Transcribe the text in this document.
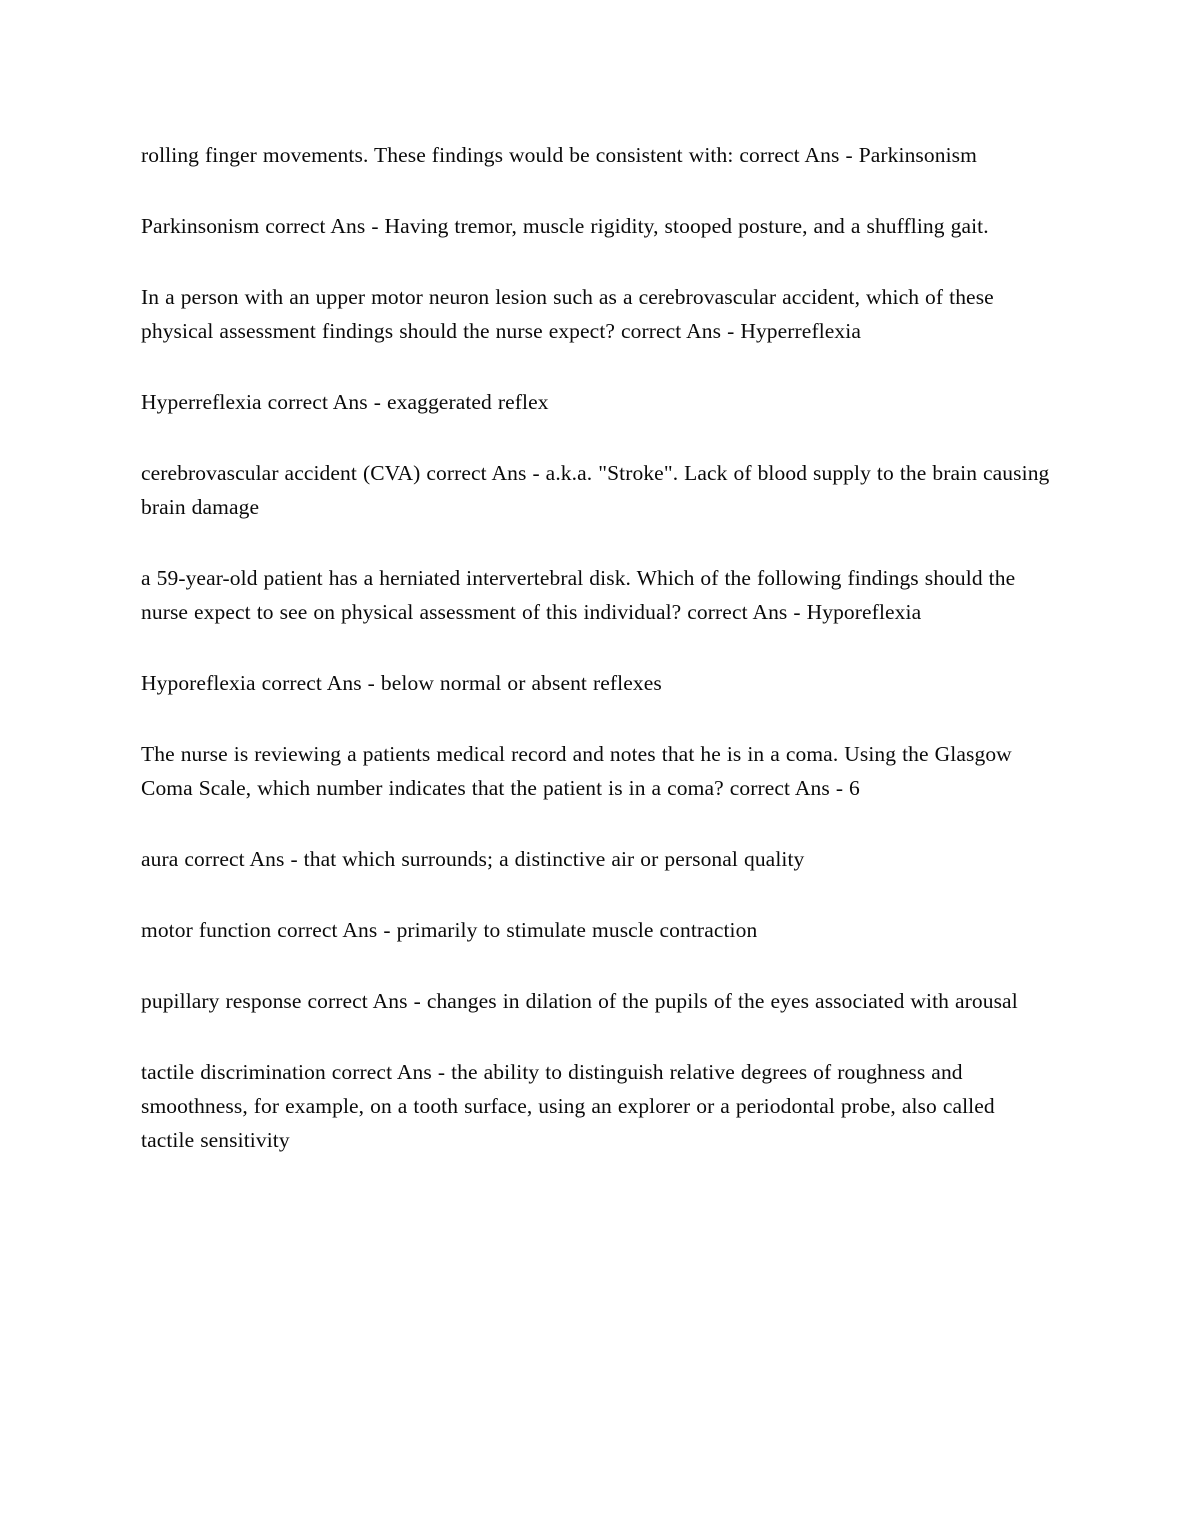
rolling finger movements. These findings would be consistent with: correct Ans - Parkinsonism

Parkinsonism correct Ans - Having tremor, muscle rigidity, stooped posture, and a shuffling gait.

In a person with an upper motor neuron lesion such as a cerebrovascular accident, which of these physical assessment findings should the nurse expect? correct Ans - Hyperreflexia

Hyperreflexia correct Ans - exaggerated reflex

cerebrovascular accident (CVA) correct Ans - a.k.a. "Stroke". Lack of blood supply to the brain causing brain damage

a 59-year-old patient has a herniated intervertebral disk. Which of the following findings should the nurse expect to see on physical assessment of this individual? correct Ans - Hyporeflexia

Hyporeflexia correct Ans - below normal or absent reflexes

The nurse is reviewing a patients medical record and notes that he is in a coma. Using the Glasgow Coma Scale, which number indicates that the patient is in a coma? correct Ans - 6

aura correct Ans - that which surrounds; a distinctive air or personal quality

motor function correct Ans - primarily to stimulate muscle contraction

pupillary response correct Ans - changes in dilation of the pupils of the eyes associated with arousal

tactile discrimination correct Ans - the ability to distinguish relative degrees of roughness and smoothness, for example, on a tooth surface, using an explorer or a periodontal probe, also called tactile sensitivity
